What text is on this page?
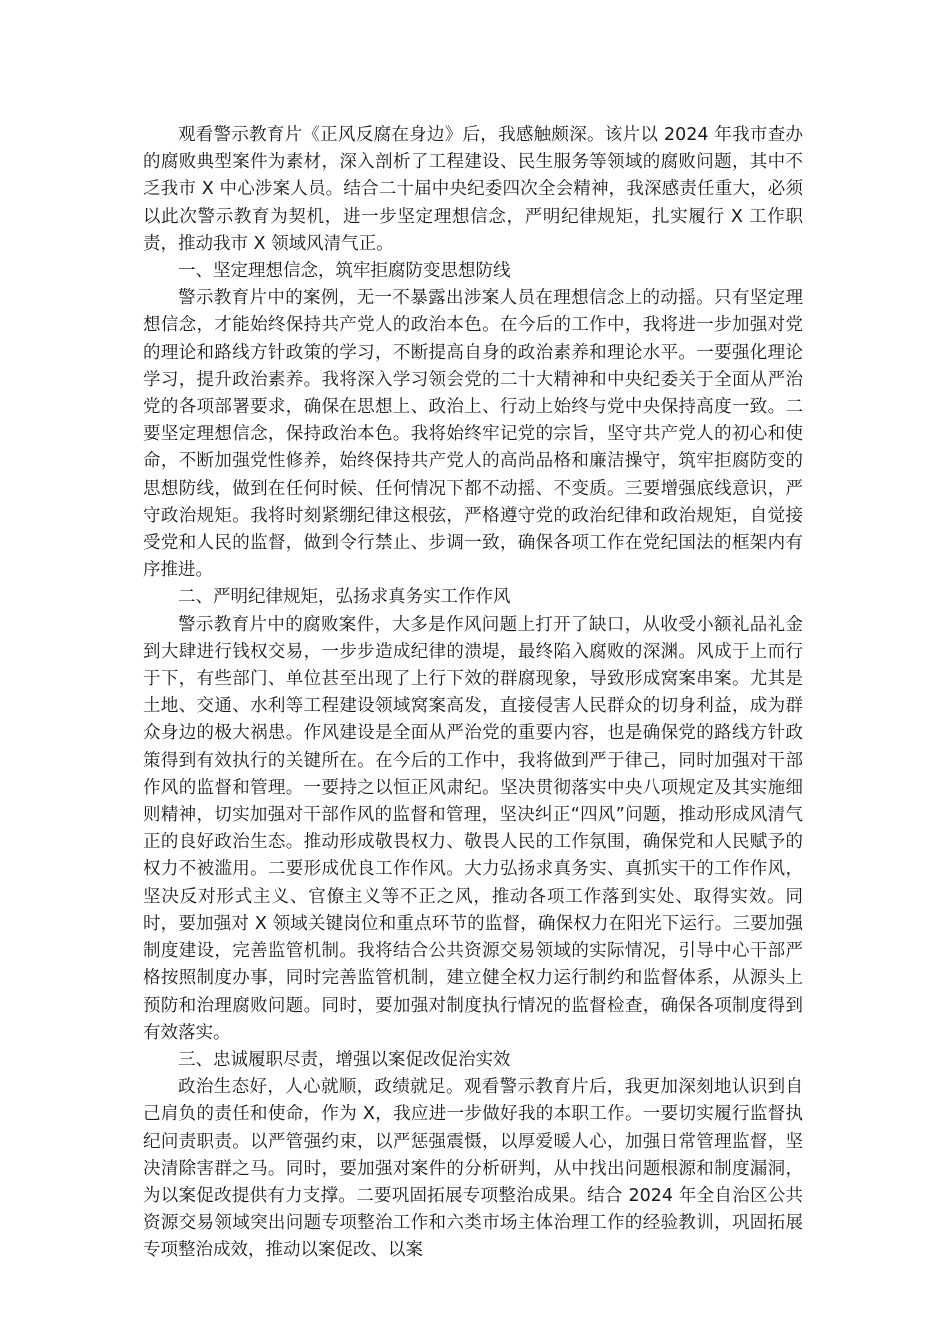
观看警示教育片《正风反腐在身边》后，我感触颇深。该片以 2024 年我市查办的腐败典型案件为素材，深入剖析了工程建设、民生服务等领域的腐败问题，其中不乏我市 X 中心涉案人员。结合二十届中央纪委四次全会精神，我深感责任重大，必须以此次警示教育为契机，进一步坚定理想信念，严明纪律规矩，扎实履行 X 工作职责，推动我市 X 领域风清气正。

一、坚定理想信念，筑牢拒腐防变思想防线

警示教育片中的案例，无一不暴露出涉案人员在理想信念上的动摇。只有坚定理想信念，才能始终保持共产党人的政治本色。在今后的工作中，我将进一步加强对党的理论和路线方针政策的学习，不断提高自身的政治素养和理论水平。一要强化理论学习，提升政治素养。我将深入学习领会党的二十大精神和中央纪委关于全面从严治党的各项部署要求，确保在思想上、政治上、行动上始终与党中央保持高度一致。二要坚定理想信念，保持政治本色。我将始终牢记党的宗旨，坚守共产党人的初心和使命，不断加强党性修养，始终保持共产党人的高尚品格和廉洁操守，筑牢拒腐防变的思想防线，做到在任何时候、任何情况下都不动摇、不变质。三要增强底线意识，严守政治规矩。我将时刻紧绷纪律这根弦，严格遵守党的政治纪律和政治规矩，自觉接受党和人民的监督，做到令行禁止、步调一致，确保各项工作在党纪国法的框架内有序推进。

二、严明纪律规矩，弘扬求真务实工作作风

警示教育片中的腐败案件，大多是作风问题上打开了缺口，从收受小额礼品礼金到大肆进行钱权交易，一步步造成纪律的溃堤，最终陷入腐败的深渊。风成于上而行于下，有些部门、单位甚至出现了上行下效的群腐现象，导致形成窝案串案。尤其是土地、交通、水利等工程建设领域窝案高发，直接侵害人民群众的切身利益，成为群众身边的极大祸患。作风建设是全面从严治党的重要内容，也是确保党的路线方针政策得到有效执行的关键所在。在今后的工作中，我将做到严于律己，同时加强对干部作风的监督和管理。一要持之以恒正风肃纪。坚决贯彻落实中央八项规定及其实施细则精神，切实加强对干部作风的监督和管理，坚决纠正“四风”问题，推动形成风清气正的良好政治生态。推动形成敬畏权力、敬畏人民的工作氛围，确保党和人民赋予的权力不被滥用。二要形成优良工作作风。大力弘扬求真务实、真抓实干的工作作风，坚决反对形式主义、官僚主义等不正之风，推动各项工作落到实处、取得实效。同时，要加强对 X 领域关键岗位和重点环节的监督，确保权力在阳光下运行。三要加强制度建设，完善监管机制。我将结合公共资源交易领域的实际情况，引导中心干部严格按照制度办事，同时完善监管机制，建立健全权力运行制约和监督体系，从源头上预防和治理腐败问题。同时，要加强对制度执行情况的监督检查，确保各项制度得到有效落实。

三、忠诚履职尽责，增强以案促改促治实效

政治生态好，人心就顺，政绩就足。观看警示教育片后，我更加深刻地认识到自己肩负的责任和使命，作为 X，我应进一步做好我的本职工作。一要切实履行监督执纪问责职责。以严管强约束，以严惩强震慑，以厚爱暖人心，加强日常管理监督，坚决清除害群之马。同时，要加强对案件的分析研判，从中找出问题根源和制度漏洞，为以案促改提供有力支撑。二要巩固拓展专项整治成果。结合 2024 年全自治区公共资源交易领域突出问题专项整治工作和六类市场主体治理工作的经验教训，巩固拓展专项整治成效，推动以案促改、以案
